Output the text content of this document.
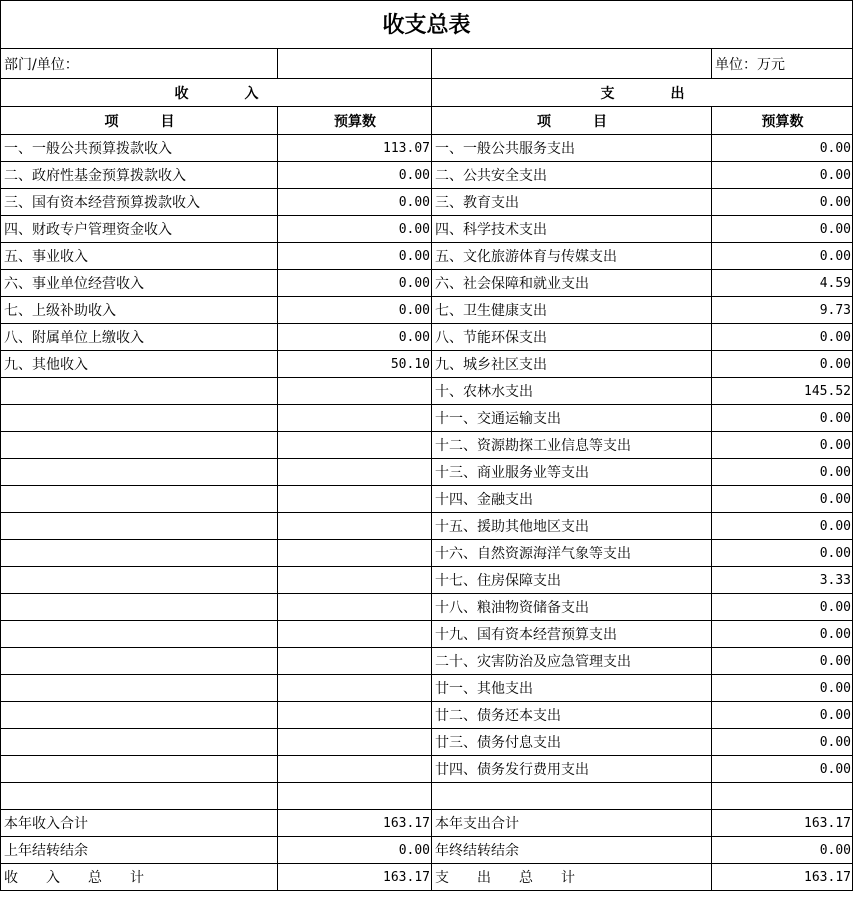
收支总表
部门/单位：			单位：万元
收　　　　入		支　　　　出	
项　　　目	预算数	项　　　目	预算数
一、一般公共预算拨款收入	113.07	一、一般公共服务支出	0.00
二、政府性基金预算拨款收入	0.00	二、公共安全支出	0.00
三、国有资本经营预算拨款收入	0.00	三、教育支出	0.00
四、财政专户管理资金收入	0.00	四、科学技术支出	0.00
五、事业收入	0.00	五、文化旅游体育与传媒支出	0.00
六、事业单位经营收入	0.00	六、社会保障和就业支出	4.59
七、上级补助收入	0.00	七、卫生健康支出	9.73
八、附属单位上缴收入	0.00	八、节能环保支出	0.00
九、其他收入	50.10	九、城乡社区支出	0.00
		十、农林水支出	145.52
		十一、交通运输支出	0.00
		十二、资源勘探工业信息等支出	0.00
		十三、商业服务业等支出	0.00
		十四、金融支出	0.00
		十五、援助其他地区支出	0.00
		十六、自然资源海洋气象等支出	0.00
		十七、住房保障支出	3.33
		十八、粮油物资储备支出	0.00
		十九、国有资本经营预算支出	0.00
		二十、灾害防治及应急管理支出	0.00
		廿一、其他支出	0.00
		廿二、债务还本支出	0.00
		廿三、债务付息支出	0.00
		廿四、债务发行费用支出	0.00

本年收入合计	163.17	本年支出合计	163.17
上年结转结余	0.00	年终结转结余	0.00
收　　入　　总　　计	163.17	支　　出　　总　　计	163.17
